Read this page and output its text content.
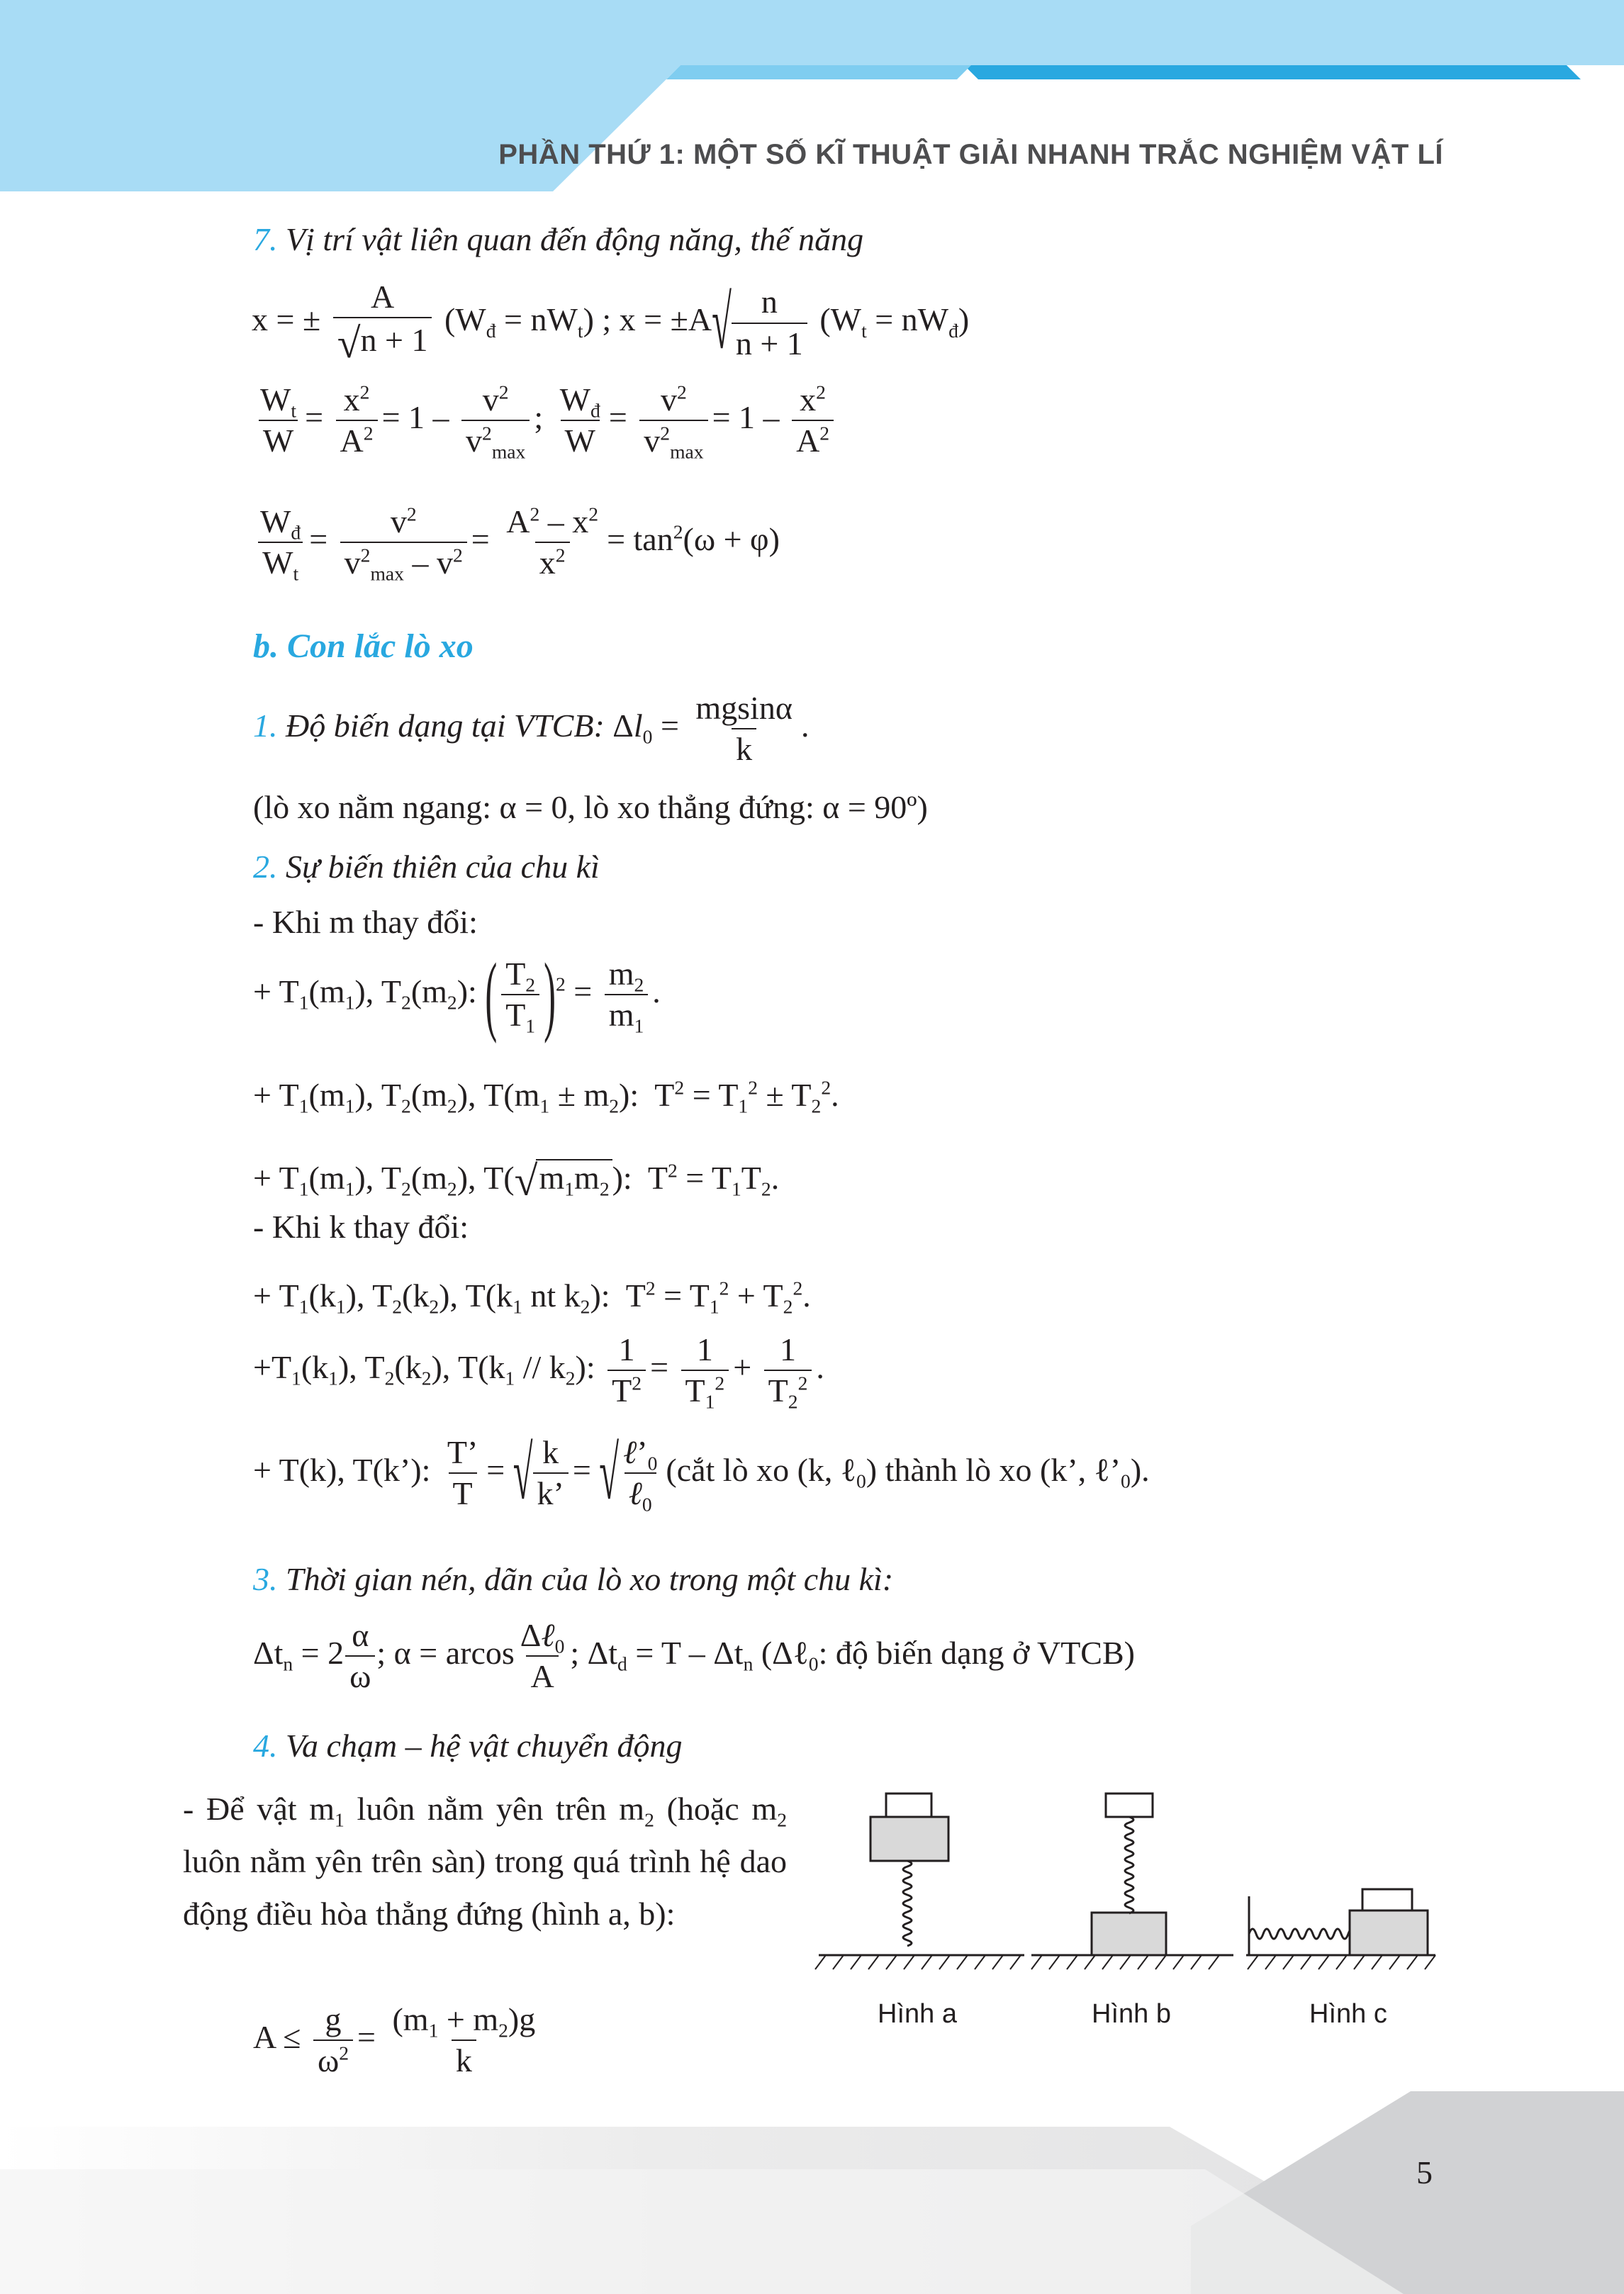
PHẦN THỨ 1: MỘT SỐ KĨ THUẬT GIẢI NHANH TRẮC NGHIỆM VẬT LÍ
7. Vị trí vật liên quan đến động năng, thế năng
x = ± $\frac{A}{√n + 1} (W_đ = nW_t)$ ; $x = \pm A√ \frac{n}{n + 1} (W_t = nW_đ)$
$\frac{W_t}{W} = \frac{x^2}{A^2} = 1 - \frac{v^2}{v^2_{max}}$ ; $\frac{W_đ}{W} = \frac{v^2}{v^2_{max}} = 1 - \frac{x^2}{A^2}$
$\frac{W_đ}{W_t} = \frac{v^2}{v^2_{max} - v^2} = \frac{A^2 - x^2}{x^2} = \tan^2(\omega + \varphi)$
b. Con lắc lò xo
1. Độ biến dạng tại VTCB: $\Delta l_0 = \frac{mgsin\alpha}{k}$ .
(lò xo nằm ngang: α = 0, lò xo thẳng đứng: α = 90º)
2. Sự biến thiên của chu kì
- Khi m thay đổi:
+ $T_1(m_1)$, $T_2(m_2)$: ( $\frac{T_2}{T_1} )^2 = \frac{m_2}{m_1}$ .
+ $T_1(m_1)$, $T_2(m_2)$, $T(m_1 \pm m_2)$:  $T^2 = T_1^2 \pm T_2^2$.
+ $T_1(m_1)$, $T_2(m_2)$, $T(√m_1m_2)$:  $T^2 = T_1T_2$.
- Khi k thay đổi:
+ $T_1(k_1)$, $T_2(k_2)$, $T(k_1$ nt $k_2$):  $T^2 = T_1^2 + T_2^2$.
$+T_1(k_1)$, $T_2(k_2)$, $T(k_1 // k_2)$: $\frac{1}{T^2} = \frac{1}{T_1^2} + \frac{1}{T_2^2}$ .
+ T(k), T(k’): $\frac{T’}{T}$ = √ $\frac{k}{k’}$ = √ $\frac{\ell’_0}{\ell_0}$ (cắt lò xo (k, ℓ$_0$) thành lò xo (k’, $\ell’_0$).
3. Thời gian nén, dãn của lò xo trong một chu kì:
$\Delta t_n = 2 \frac{\alpha}{\omega}$ ; α = arcos $\frac{\Delta\ell_0}{A}$ ; $\Delta t_d = T - \Delta t_n$ (Δℓ$_0$: độ biến dạng ở VTCB)
4. Va chạm – hệ vật chuyển động
- Để vật $m_1$ luôn nằm yên trên $m_2$ (hoặc $m_2$ luôn nằm yên trên sàn) trong quá trình hệ dao động điều hòa thẳng đứng (hình a, b):
$A \le \frac{g}{\omega^2} = \frac{(m_1 + m_2)g}{k}$	Hình a	Hình b	Hình c
5
